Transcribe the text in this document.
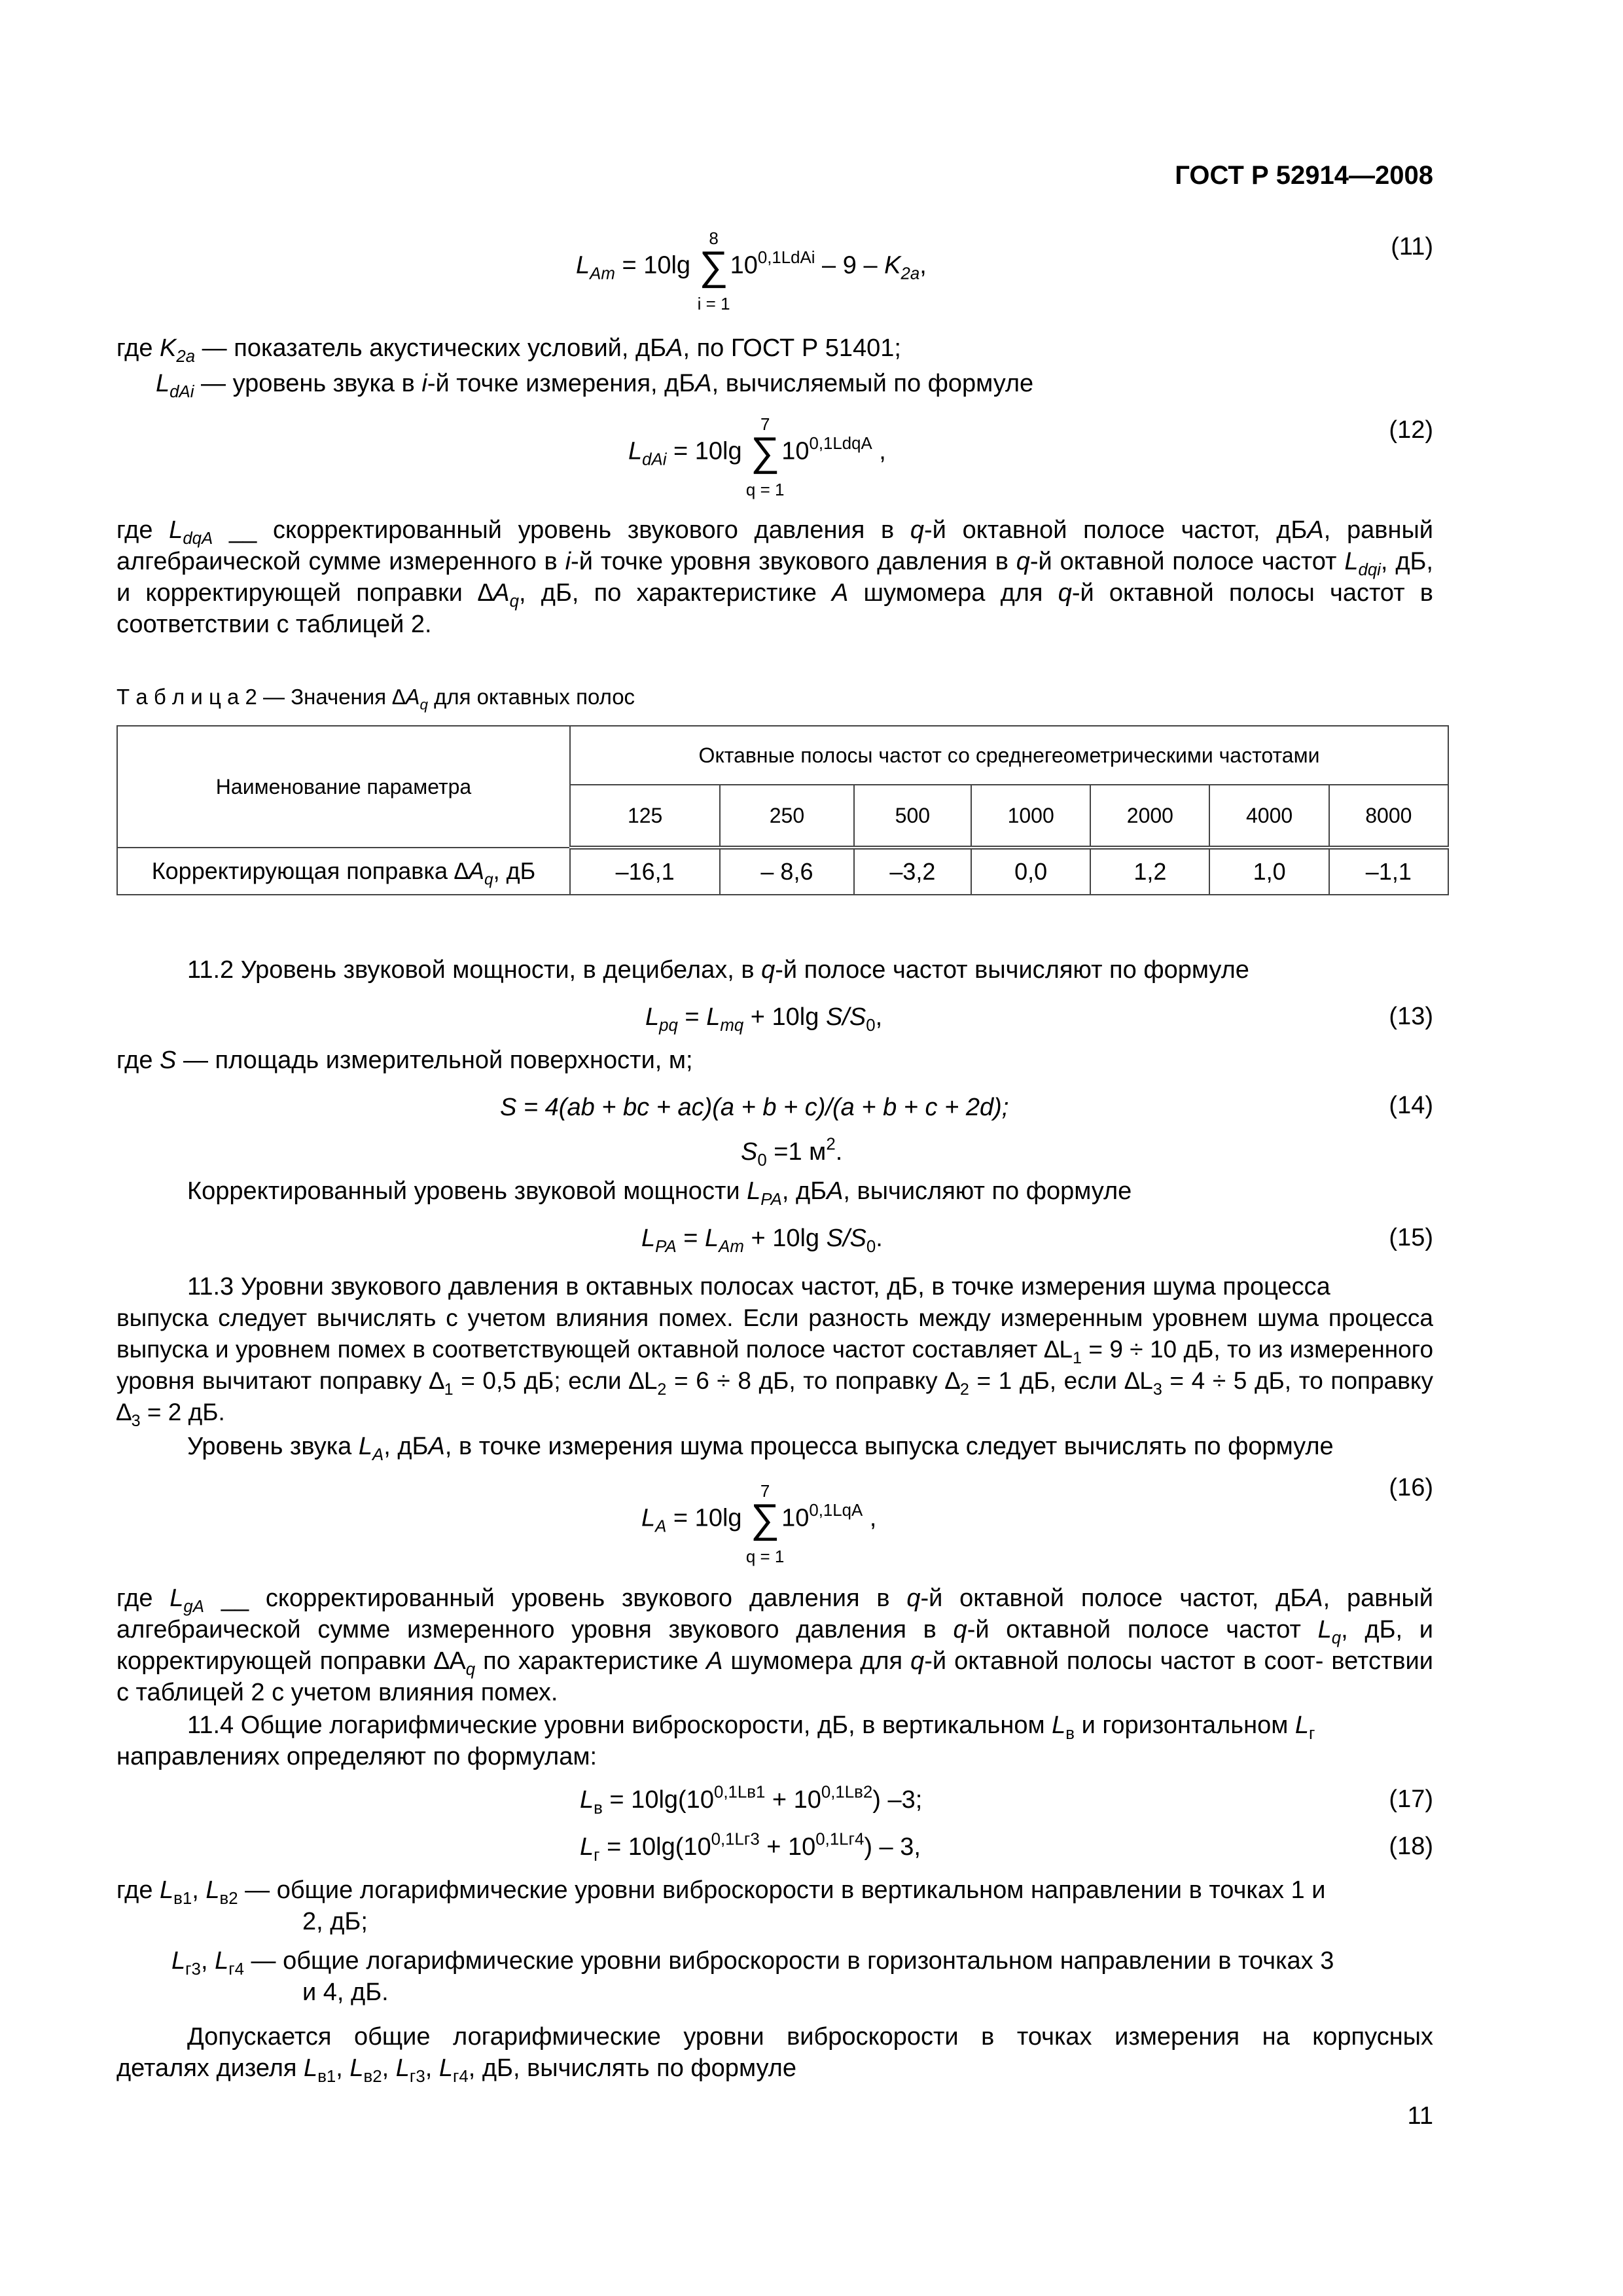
ГОСТ Р 52914—2008
$L_{Am} = 10\lg$
8
∑
i = 1
$10^{0,1LdAi} - 9 - K_{2a}$,
(11)
где $K_{2a}$ — показатель акустических условий, дБA, по ГОСТ Р 51401;
$L_{dAi}$ — уровень звука в i-й точке измерения, дБA, вычисляемый по формуле
$L_{dAi} = 10\lg$
7
∑
q = 1
$10^{0,1LdqA}$ ,
(12)
где $L_{dqA}$ __ скорректированный уровень звукового давления в q-й октавной полосе частот, дБA, равный алгебраической сумме измеренного в i-й точке уровня звукового давления в q-й октавной полосе частот $L_{dqi}$, дБ, и корректирующей поправки $\Delta A_q$, дБ, по характеристике A шумомера для q-й октавной полосы частот в соответствии с таблицей 2.
Т а б л и ц а 2 — Значения $\Delta A_q$ для октавных полос
Наименование параметра	Октавные полосы частот со среднегеометрическими частотами						
	125	250	500	1000	2000	4000	8000
Корректирующая поправка $\Delta A_q$, дБ	–16,1	– 8,6	–3,2	0,0	1,2	1,0	–1,1
11.2 Уровень звуковой мощности, в децибелах, в q-й полосе частот вычисляют по формуле
$L_{pq} = L_{mq} + 10\lg$ $S/S_0$,	(13)
где S — площадь измерительной поверхности, м;
S = 4(ab + bc + ac)(a + b + c)/(a + b + c + 2d);	(14)
$S_0 =1$ $м^2$.
Корректированный уровень звуковой мощности $L_{PA}$, дБA, вычисляют по формуле
$L_{PA} = L_{Am} + 10\lg$ $S/S_0$.	(15)
11.3 Уровни звукового давления в октавных полосах частот, дБ, в точке измерения шума процесса
выпуска следует вычислять с учетом влияния помех. Если разность между измеренным уровнем шума процесса выпуска и уровнем помех в соответствующей октавной полосе частот составляет $\Delta L_1 = 9 \div 10$ дБ, то из измеренного уровня вычитают поправку $\Delta_1 = 0,5$ дБ; если $\Delta L_2 = 6 \div 8$ дБ, то поправку $\Delta_2 = 1$ дБ, если $\Delta L_3 = 4 \div 5$ дБ, то поправку $\Delta_3 = 2$ дБ.
Уровень звука $L_A$, дБA, в точке измерения шума процесса выпуска следует вычислять по формуле
$L_A = 10\lg$
7
∑
q = 1
$10^{0,1LqA}$ ,
(16)
где $L_{gA}$ __ скорректированный уровень звукового давления в q-й октавной полосе частот, дБA, равный алгебраической сумме измеренного уровня звукового давления в q-й октавной полосе частот $L_q$, дБ, и корректирующей поправки $\Delta A_q$ по характеристике A шумомера для q-й октавной полосы частот в соот- ветствии с таблицей 2 с учетом влияния помех.
11.4 Общие логарифмические уровни виброскорости, дБ, в вертикальном $L_в$ и горизонтальном $L_г$
направлениях определяют по формулам:
$L_в = 10\lg(10^{0,1Lв1} + 10^{0,1Lв2})$ –3;	(17)
$L_г = 10\lg(10^{0,1Lг3} + 10^{0,1Lг4}) - 3$,	(18)
где $L_{в1}$, $L_{в2}$ — общие логарифмические уровни виброскорости в вертикальном направлении в точках 1 и
2, дБ;
$L_{г3}$, $L_{г4}$ — общие логарифмические уровни виброскорости в горизонтальном направлении в точках 3
и 4, дБ.
Допускается общие логарифмические уровни виброскорости в точках измерения на корпусных
деталях дизеля $L_{в1}$, $L_{в2}$, $L_{г3}$, $L_{г4}$, дБ, вычислять по формуле
11
